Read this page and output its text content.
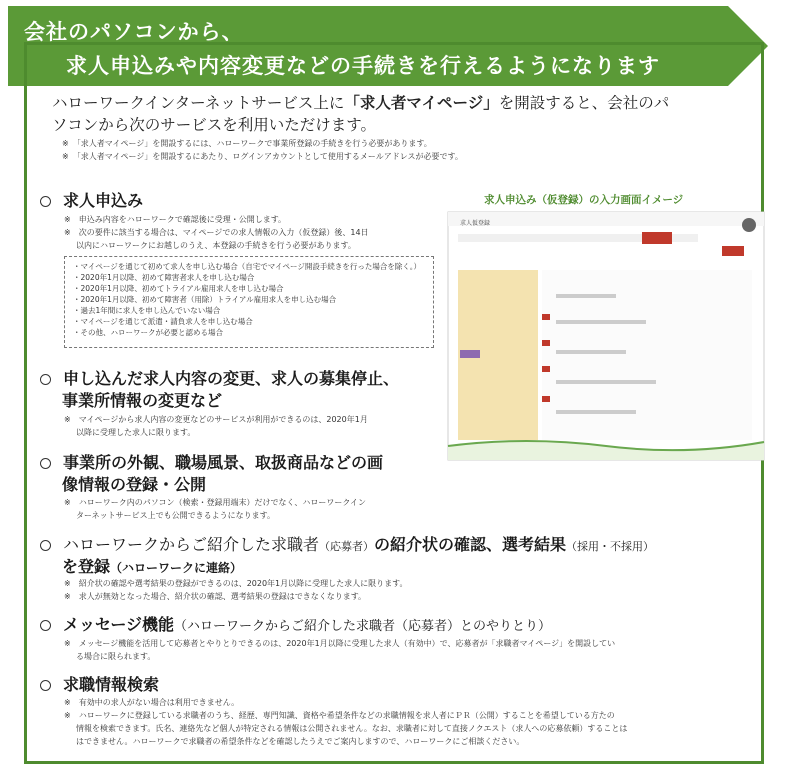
会社のパソコンから、
求人申込みや内容変更などの手続きを行えるようになります
ハローワークインターネットサービス上に「求人者マイページ」を開設すると、会社のパ
ソコンから次のサービスを利用いただけます。
※　「求人者マイページ」を開設するには、ハローワークで事業所登録の手続きを行う必要があります。
※　「求人者マイページ」を開設するにあたり、ログインアカウントとして使用するメールアドレスが必要です。
求人申込み
※　申込み内容をハローワークで確認後に受理・公開します。
※　次の要件に該当する場合は、マイページでの求人情報の入力（仮登録）後、14日
以内にハローワークにお越しのうえ、本登録の手続きを行う必要があります。
・マイページを通じて初めて求人を申し込む場合（自宅でマイページ開設手続きを行った場合を除く。）
・2020年1月以降、初めて障害者求人を申し込む場合
・2020年1月以降、初めてトライアル雇用求人を申し込む場合
・2020年1月以降、初めて障害者（用除）トライアル雇用求人を申し込む場合
・過去1年間に求人を申し込んでいない場合
・マイページを通じて派遣・請負求人を申し込む場合
・その他、ハローワークが必要と認める場合
求人申込み（仮登録）の入力画面イメージ
求人仮登録
申し込んだ求人内容の変更、求人の募集停止、
事業所情報の変更など
※　マイページから求人内容の変更などのサービスが利用ができるのは、2020年1月
以降に受理した求人に限ります。
事業所の外観、職場風景、取扱商品などの画
像情報の登録・公開
※　ハローワーク内のパソコン（検索・登録用端末）だけでなく、ハローワークイン
ターネットサービス上でも公開できるようになります。
ハローワークからご紹介した求職者（応募者）の紹介状の確認、選考結果（採用・不採用）
を登録（ハローワークに連絡）
※　紹介状の確認や選考結果の登録ができるのは、2020年1月以降に受理した求人に限ります。
※　求人が無効となった場合、紹介状の確認、選考結果の登録はできなくなります。
メッセージ機能（ハローワークからご紹介した求職者（応募者）とのやりとり）
※　メッセージ機能を活用して応募者とやりとりできるのは、2020年1月以降に受理した求人（有効中）で、応募者が「求職者マイページ」を開設してい
る場合に限られます。
求職情報検索
※　有効中の求人がない場合は利用できません。
※　ハローワークに登録している求職者のうち、経歴、専門知識、資格や希望条件などの求職情報を求人者にＰＲ（公開）することを希望している方たの
情報を検索できます。氏名、連絡先など個人が特定される情報は公開されません。なお、求職者に対して直接ノクエスト（求人への応募依頼）することは
はできません。ハローワークで求職者の希望条件などを確認したうえでご案内しますので、ハローワークにご相談ください。
